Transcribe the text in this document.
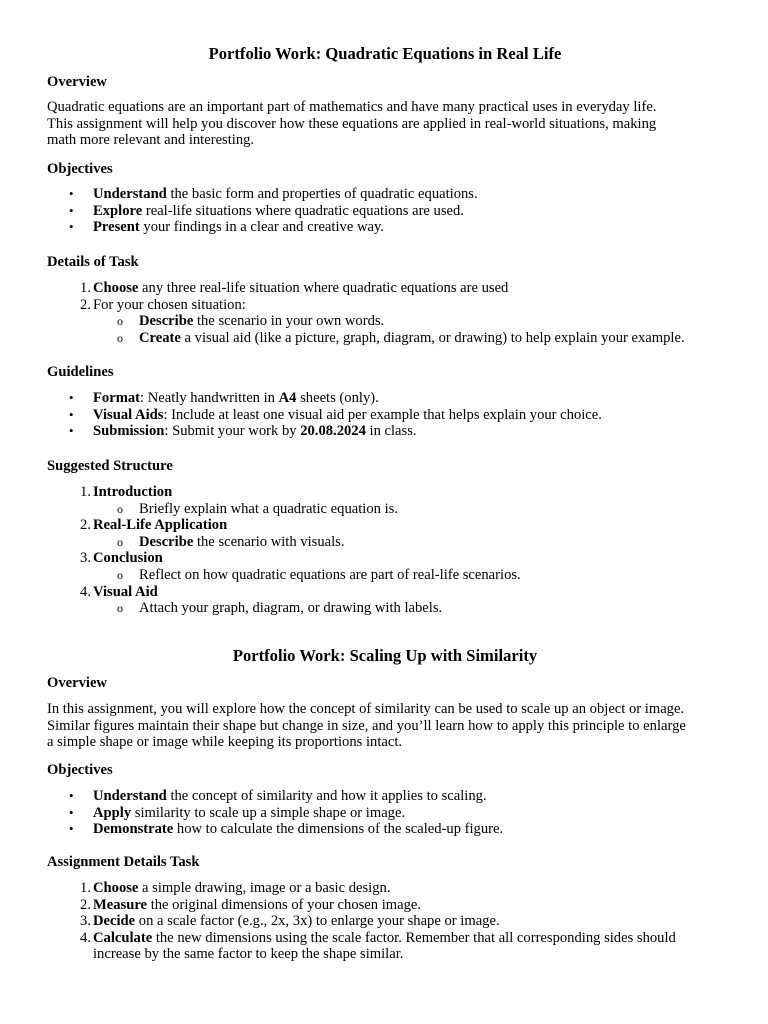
Portfolio Work: Quadratic Equations in Real Life
Overview
Quadratic equations are an important part of mathematics and have many practical uses in everyday life.
This assignment will help you discover how these equations are applied in real-world situations, making
math more relevant and interesting.
Objectives
•	Understand the basic form and properties of quadratic equations.
•	Explore real-life situations where quadratic equations are used.
•	Present your findings in a clear and creative way.
Details of Task
1. Choose any three real-life situation where quadratic equations are used
2. For your chosen situation:
o Describe the scenario in your own words.
o Create a visual aid (like a picture, graph, diagram, or drawing) to help explain your example.
Guidelines
•	Format: Neatly handwritten in A4 sheets (only).
•	Visual Aids: Include at least one visual aid per example that helps explain your choice.
•	Submission: Submit your work by 20.08.2024 in class.
Suggested Structure
1. Introduction
o Briefly explain what a quadratic equation is.
2. Real-Life Application
o Describe the scenario with visuals.
3. Conclusion
o Reflect on how quadratic equations are part of real-life scenarios.
4. Visual Aid
o Attach your graph, diagram, or drawing with labels.
Portfolio Work: Scaling Up with Similarity
Overview
In this assignment, you will explore how the concept of similarity can be used to scale up an object or image.
Similar figures maintain their shape but change in size, and you’ll learn how to apply this principle to enlarge
a simple shape or image while keeping its proportions intact.
Objectives
•	Understand the concept of similarity and how it applies to scaling.
•	Apply similarity to scale up a simple shape or image.
•	Demonstrate how to calculate the dimensions of the scaled-up figure.
Assignment Details Task
1. Choose a simple drawing, image or a basic design.
2. Measure the original dimensions of your chosen image.
3. Decide on a scale factor (e.g., 2x, 3x) to enlarge your shape or image.
4. Calculate the new dimensions using the scale factor. Remember that all corresponding sides should increase by the same factor to keep the shape similar.
